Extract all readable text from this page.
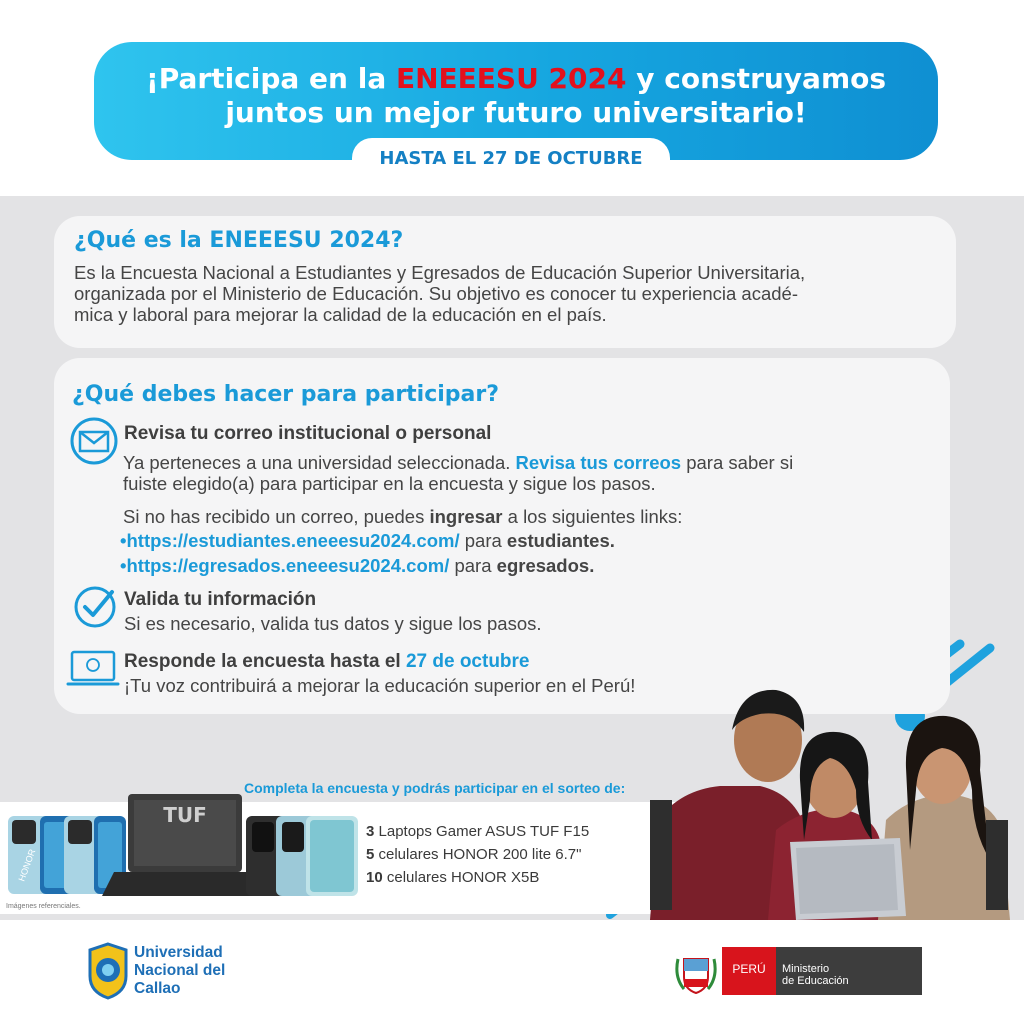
¡Participa en la ENEEESU 2024 y construyamos
juntos un mejor futuro universitario!
HASTA EL 27 DE OCTUBRE
¿Qué es la ENEEESU 2024?
Es la Encuesta Nacional a Estudiantes y Egresados de Educación Superior Universitaria,
organizada por el Ministerio de Educación. Su objetivo es conocer tu experiencia acadé-
mica y laboral para mejorar la calidad de la educación en el país.
¿Qué debes hacer para participar?
Revisa tu correo institucional o personal
Ya perteneces a una universidad seleccionada. Revisa tus correos para saber si
fuiste elegido(a) para participar en la encuesta y sigue los pasos.
Si no has recibido un correo, puedes ingresar a los siguientes links:
•https://estudiantes.eneeesu2024.com/ para estudiantes.
•https://egresados.eneeesu2024.com/ para egresados.
Valida tu información
Si es necesario, valida tus datos y sigue los pasos.
Responde la encuesta hasta el 27 de octubre
¡Tu voz contribuirá a mejorar la educación superior en el Perú!
Completa la encuesta y podrás participar en el sorteo de:
HONOR
TUF
3 Laptops Gamer ASUS TUF F15
5 celulares HONOR 200 lite 6.7"
10 celulares HONOR X5B
Imágenes referenciales.
Universidad
Nacional del
Callao
PERÚ	Ministerio
de Educación
